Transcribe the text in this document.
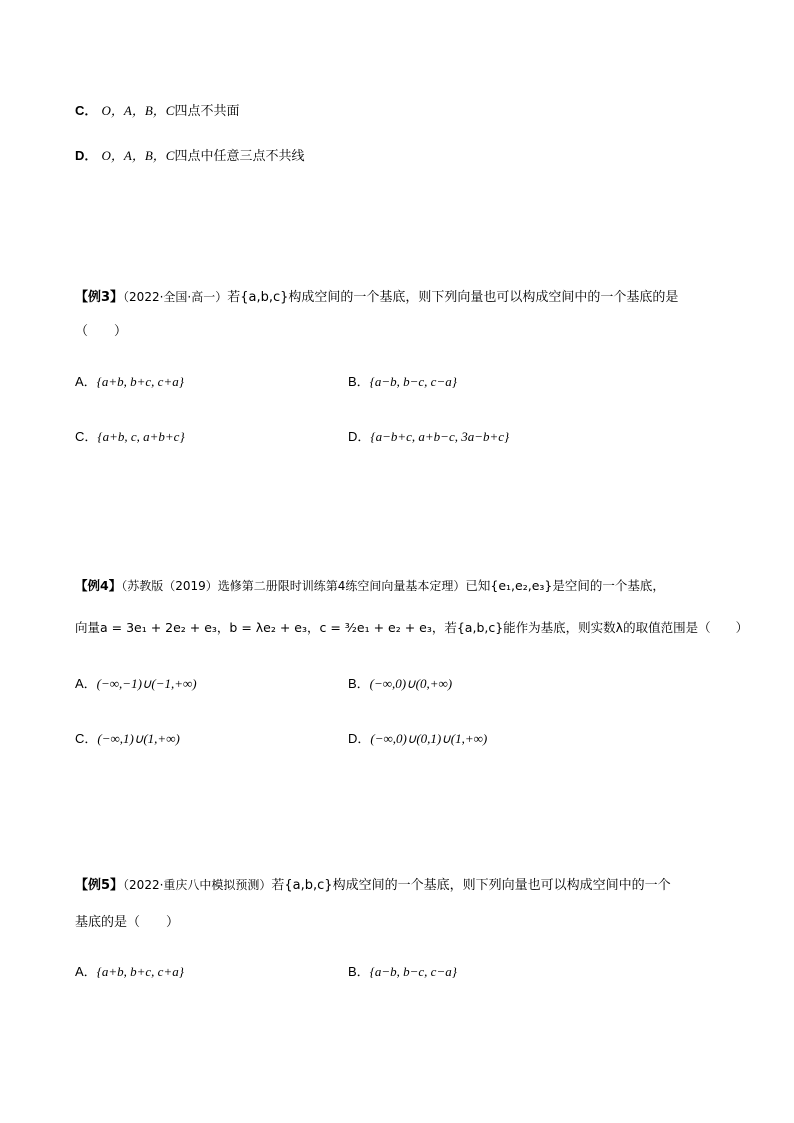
C． O，A，B，C四点不共面
D． O，A，B，C四点中任意三点不共线
【例3】（2022·全国·高一）若{a,b,c}构成空间的一个基底，则下列向量也可以构成空间中的一个基底的是
（　　）
A．{a+b, b+c, c+a}	B．{a−b, b−c, c−a}
C．{a+b, c, a+b+c}	D．{a−b+c, a+b−c, 3a−b+c}
【例4】（苏教版（2019）选修第二册限时训练第4练空间向量基本定理）已知{e₁,e₂,e₃}是空间的一个基底，
向量a = 3e₁ + 2e₂ + e₃，b = λe₂ + e₃，c = ³⁄₂e₁ + e₂ + e₃，若{a,b,c}能作为基底，则实数λ的取值范围是（　　）
A．(−∞,−1)∪(−1,+∞)	B．(−∞,0)∪(0,+∞)
C．(−∞,1)∪(1,+∞)	D．(−∞,0)∪(0,1)∪(1,+∞)
【例5】（2022·重庆八中模拟预测）若{a,b,c}构成空间的一个基底，则下列向量也可以构成空间中的一个
基底的是（　　）
A．{a+b, b+c, c+a}	B．{a−b, b−c, c−a}
